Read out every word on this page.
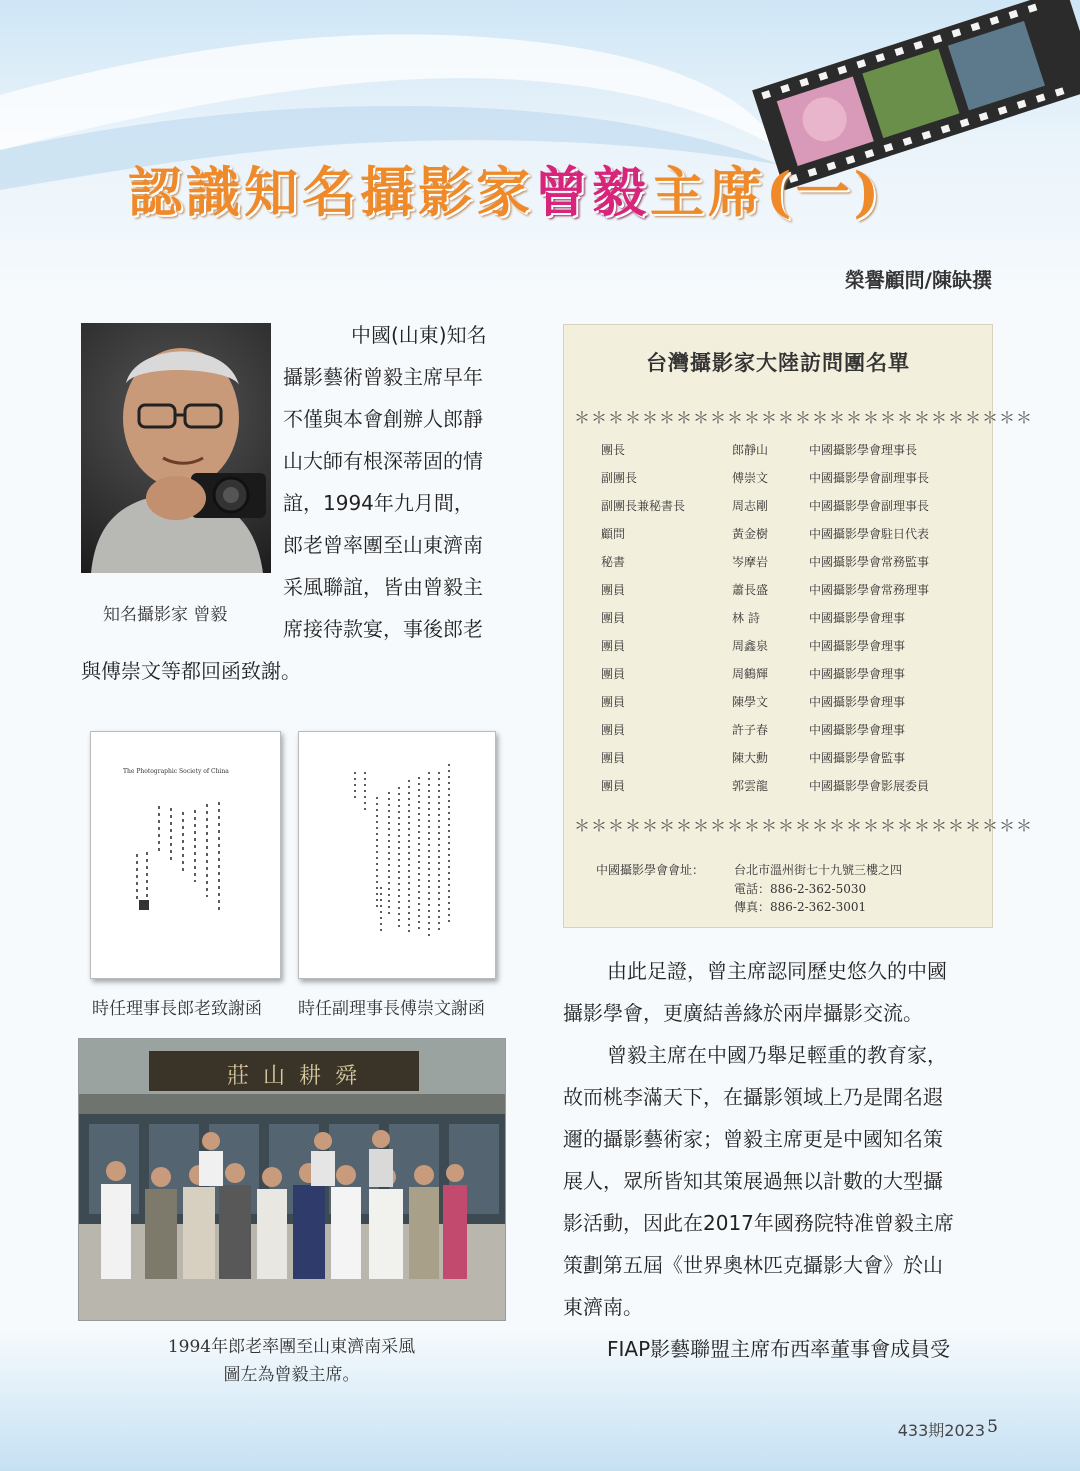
認識知名攝影家曾毅主席(一)
榮譽顧問/陳缺撰
知名攝影家 曾毅
中國(山東)知名
攝影藝術曾毅主席早年
不僅與本會創辦人郎靜
山大師有根深蒂固的情
誼，1994年九月間，
郎老曾率團至山東濟南
采風聯誼，皆由曾毅主
席接待款宴，事後郎老
與傅崇文等都回函致謝。
The Photographic Society of China
時任理事長郎老致謝函 時任副理事長傅崇文謝函
舜耕山莊
1994年郎老率團至山東濟南采風
圖左為曾毅主席。
台灣攝影家大陸訪問團名單
＊＊＊＊＊＊＊＊＊＊＊＊＊＊＊＊＊＊＊＊＊＊＊＊＊＊＊
團長	郎靜山	中國攝影學會理事長
副團長	傅崇文	中國攝影學會副理事長
副團長兼秘書長	周志剛	中國攝影學會副理事長
顧問	黃金樹	中國攝影學會駐日代表
秘書	岑摩岩	中國攝影學會常務監事
團員	蕭長盛	中國攝影學會常務理事
團員	林 詩	中國攝影學會理事
團員	周鑫泉	中國攝影學會理事
團員	周鶴輝	中國攝影學會理事
團員	陳學文	中國攝影學會理事
團員	許子春	中國攝影學會理事
團員	陳大勳	中國攝影學會監事
團員	郭雲龍	中國攝影學會影展委員
＊＊＊＊＊＊＊＊＊＊＊＊＊＊＊＊＊＊＊＊＊＊＊＊＊＊＊
中國攝影學會會址： 台北市溫州街七十九號三樓之四
電話：886-2-362-5030
傳真：886-2-362-3001
由此足證，曾主席認同歷史悠久的中國
攝影學會，更廣結善緣於兩岸攝影交流。
曾毅主席在中國乃舉足輕重的教育家，
故而桃李滿天下，在攝影領域上乃是聞名遐
邇的攝影藝術家；曾毅主席更是中國知名策
展人，眾所皆知其策展過無以計數的大型攝
影活動，因此在2017年國務院特准曾毅主席
策劃第五屆《世界奧林匹克攝影大會》於山
東濟南。
FIAP影藝聯盟主席布西率董事會成員受
433期2023 5
